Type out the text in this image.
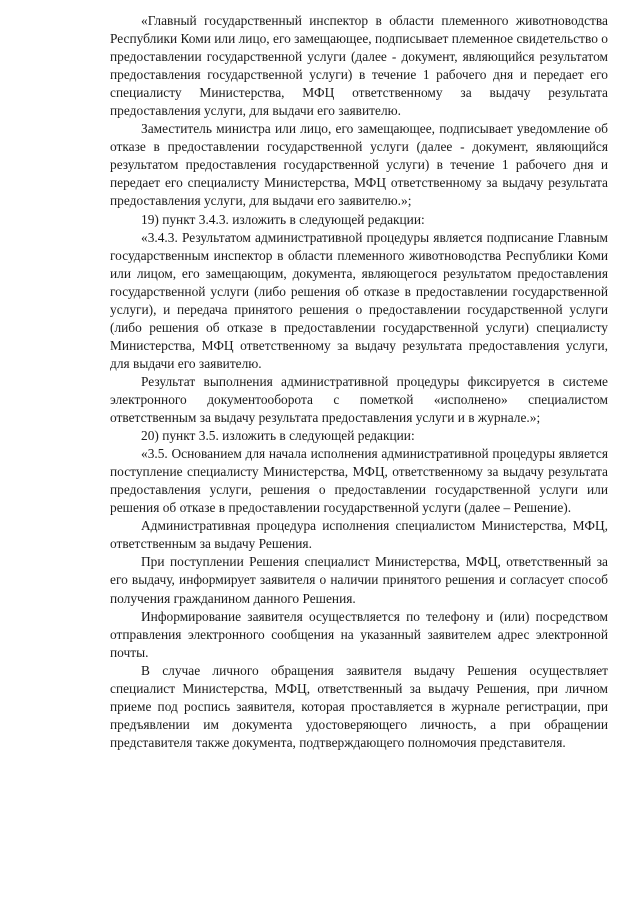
«Главный государственный инспектор в области племенного животноводства Республики Коми или лицо, его замещающее, подписывает племенное свидетельство о предоставлении государственной услуги (далее - документ, являющийся результатом предоставления государственной услуги) в течение 1 рабочего дня и передает его специалисту Министерства, МФЦ ответственному за выдачу результата предоставления услуги, для выдачи его заявителю.

Заместитель министра или лицо, его замещающее, подписывает уведомление об отказе в предоставлении государственной услуги (далее - документ, являющийся результатом предоставления государственной услуги) в течение 1 рабочего дня и передает его специалисту Министерства, МФЦ ответственному за выдачу результата предоставления услуги, для выдачи его заявителю.»;

19) пункт 3.4.3. изложить в следующей редакции:

«3.4.3. Результатом административной процедуры является подписание Главным государственным инспектор в области племенного животноводства Республики Коми или лицом, его замещающим, документа, являющегося результатом предоставления государственной услуги (либо решения об отказе в предоставлении государственной услуги), и передача принятого решения о предоставлении государственной услуги (либо решения об отказе в предоставлении государственной услуги) специалисту Министерства, МФЦ ответственному за выдачу результата предоставления услуги, для выдачи его заявителю.

Результат выполнения административной процедуры фиксируется в системе электронного документооборота с пометкой «исполнено» специалистом ответственным за выдачу результата предоставления услуги и в журнале.»;

20) пункт 3.5. изложить в следующей редакции:

«3.5. Основанием для начала исполнения административной процедуры является поступление специалисту Министерства, МФЦ, ответственному за выдачу результата предоставления услуги, решения о предоставлении государственной услуги или решения об отказе в предоставлении государственной услуги (далее – Решение).

Административная процедура исполнения специалистом Министерства, МФЦ, ответственным за выдачу Решения.

При поступлении Решения специалист Министерства, МФЦ, ответственный за его выдачу, информирует заявителя о наличии принятого решения и согласует способ получения гражданином данного Решения.

Информирование заявителя осуществляется по телефону и (или) посредством отправления электронного сообщения на указанный заявителем адрес электронной почты.

В случае личного обращения заявителя выдачу Решения осуществляет специалист Министерства, МФЦ, ответственный за выдачу Решения, при личном приеме под роспись заявителя, которая проставляется в журнале регистрации, при предъявлении им документа удостоверяющего личность, а при обращении представителя также документа, подтверждающего полномочия представителя.
